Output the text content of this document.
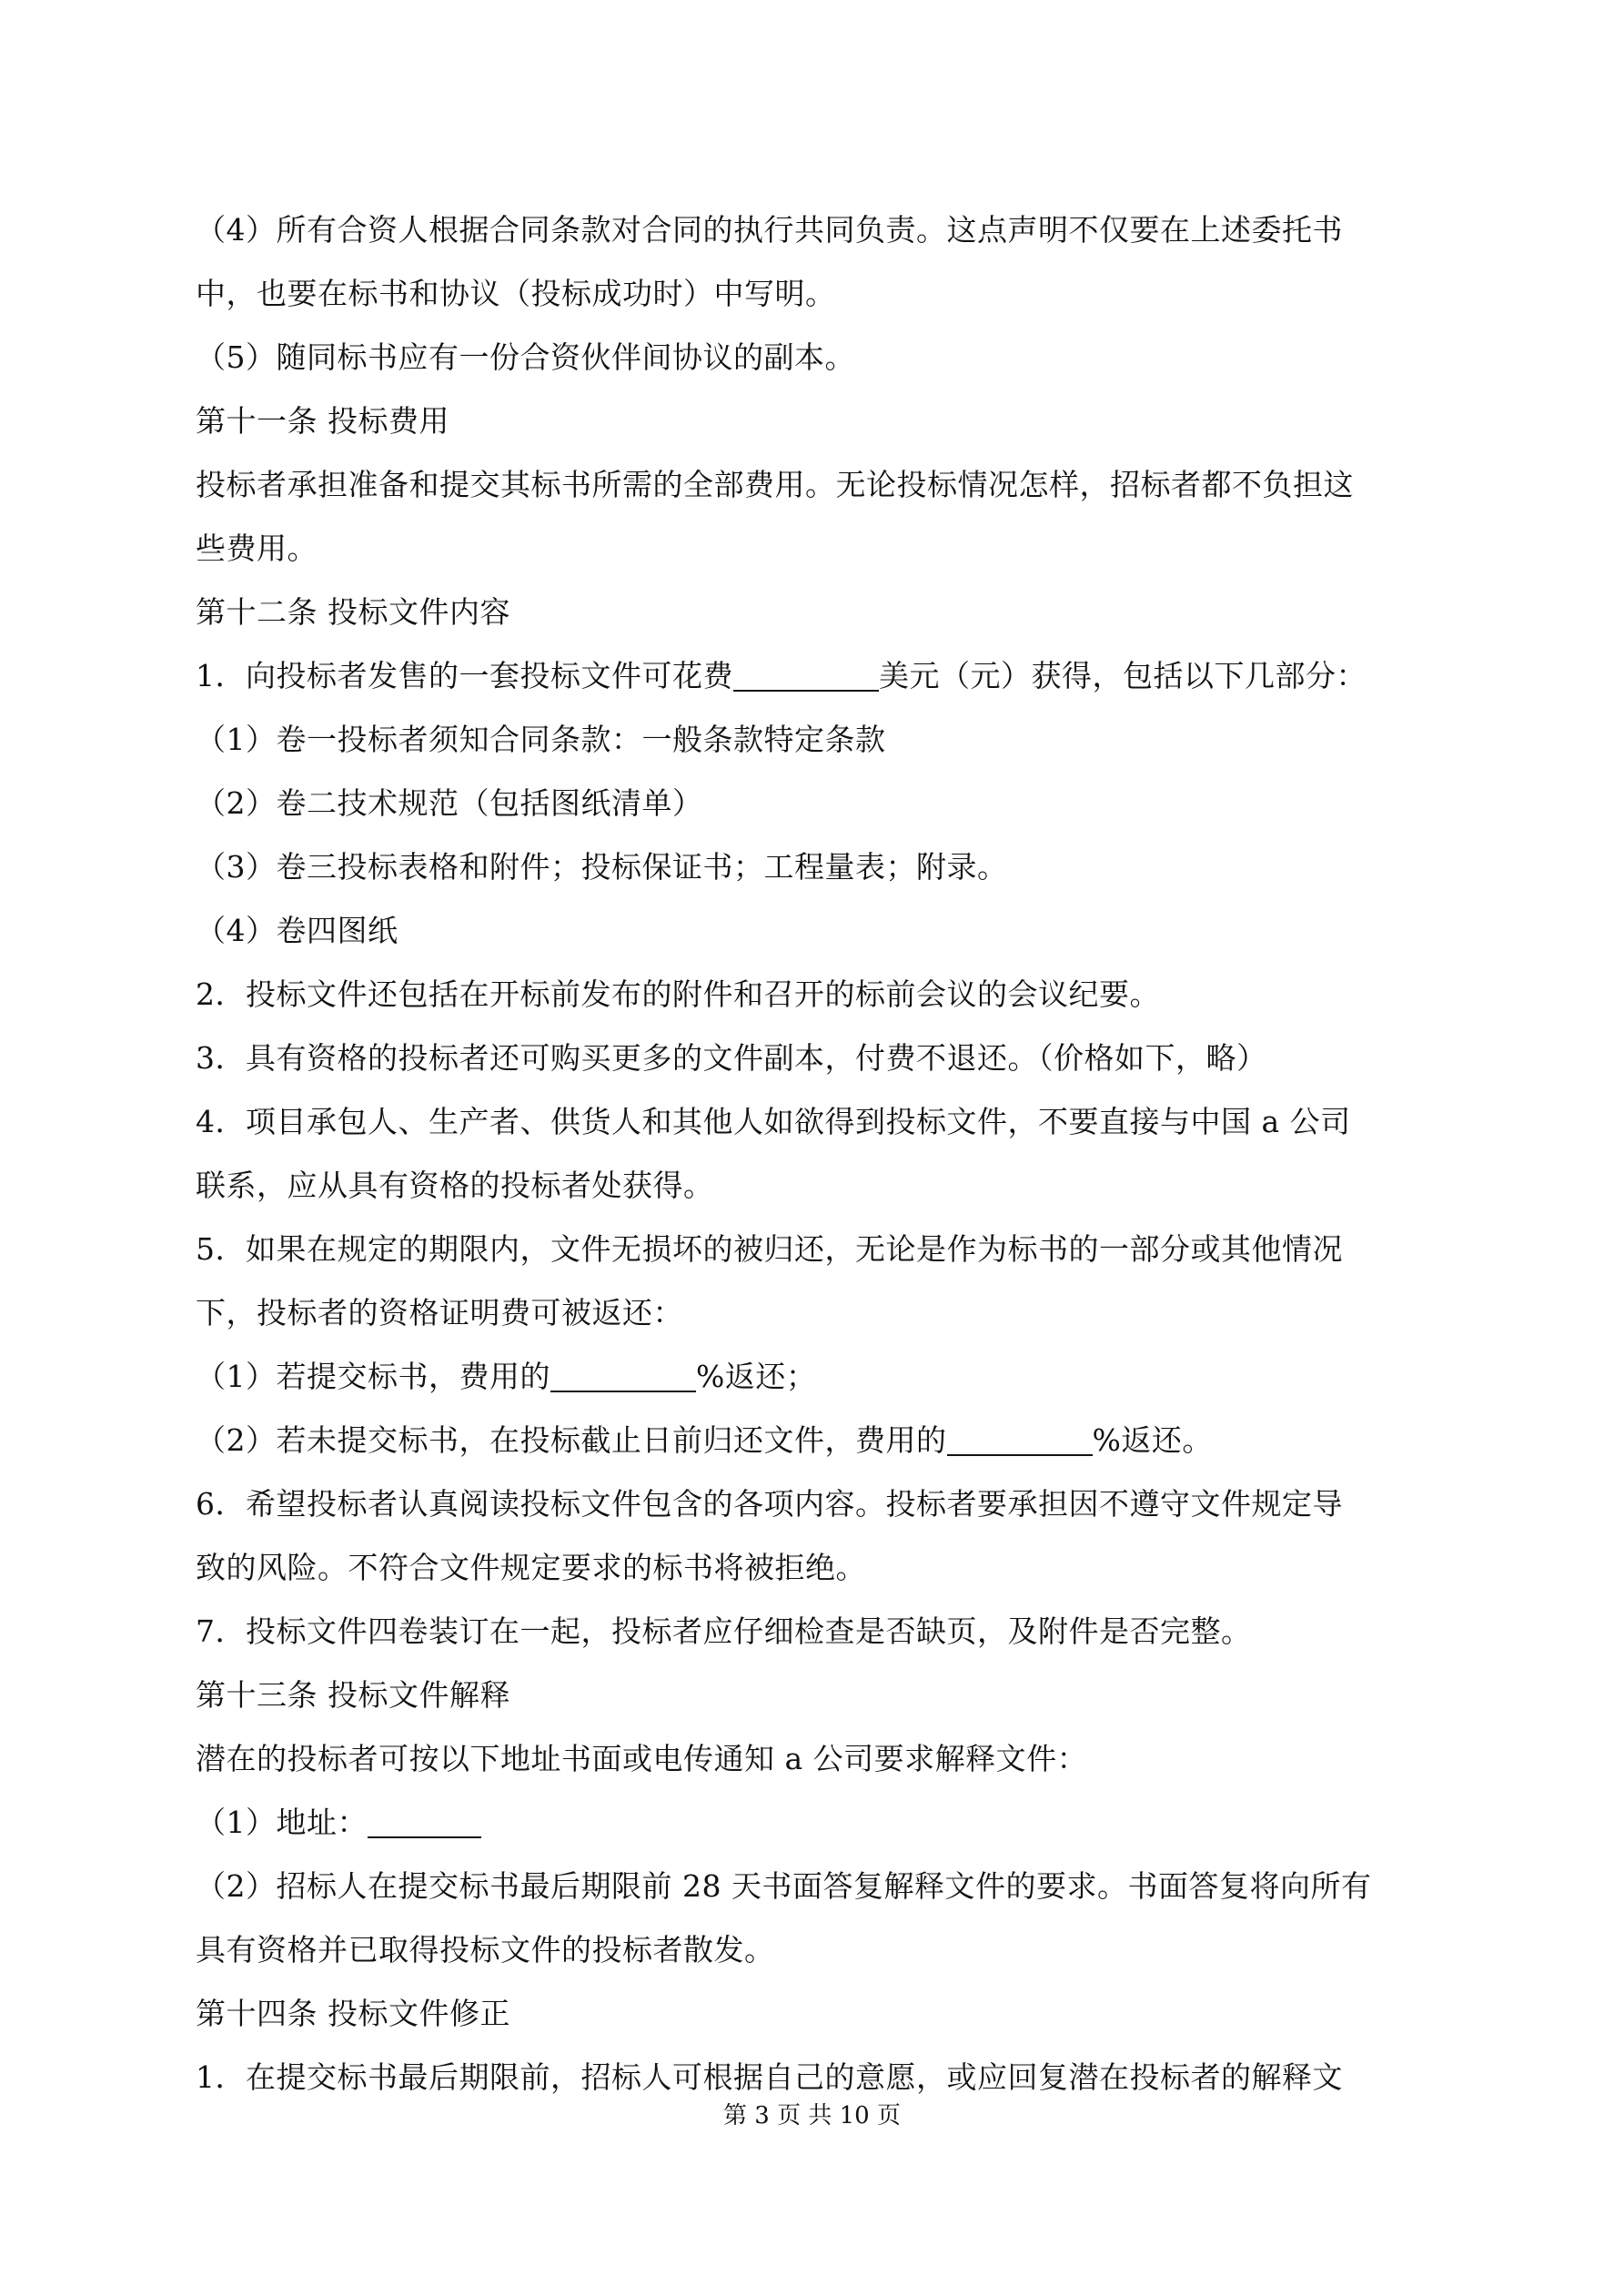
（4）所有合资人根据合同条款对合同的执行共同负责。这点声明不仅要在上述委托书
中，也要在标书和协议（投标成功时）中写明。
（5）随同标书应有一份合资伙伴间协议的副本。
第十一条 投标费用
投标者承担准备和提交其标书所需的全部费用。无论投标情况怎样，招标者都不负担这
些费用。
第十二条 投标文件内容
1．向投标者发售的一套投标文件可花费	美元（元）获得，包括以下几部分：
（1）卷一投标者须知合同条款：一般条款特定条款
（2）卷二技术规范（包括图纸清单）
（3）卷三投标表格和附件；投标保证书；工程量表；附录。
（4）卷四图纸
2．投标文件还包括在开标前发布的附件和召开的标前会议的会议纪要。
3．具有资格的投标者还可购买更多的文件副本，付费不退还。（价格如下，略）
4．项目承包人、生产者、供货人和其他人如欲得到投标文件，不要直接与中国 a 公司
联系，应从具有资格的投标者处获得。
5．如果在规定的期限内，文件无损坏的被归还，无论是作为标书的一部分或其他情况
下，投标者的资格证明费可被返还：
（1）若提交标书，费用的	%返还；
（2）若未提交标书，在投标截止日前归还文件，费用的	%返还。
6．希望投标者认真阅读投标文件包含的各项内容。投标者要承担因不遵守文件规定导
致的风险。不符合文件规定要求的标书将被拒绝。
7．投标文件四卷装订在一起，投标者应仔细检查是否缺页，及附件是否完整。
第十三条 投标文件解释
潜在的投标者可按以下地址书面或电传通知 a 公司要求解释文件：
（1）地址：
（2）招标人在提交标书最后期限前 28 天书面答复解释文件的要求。书面答复将向所有
具有资格并已取得投标文件的投标者散发。
第十四条 投标文件修正
1．在提交标书最后期限前，招标人可根据自己的意愿，或应回复潜在投标者的解释文
第 3 页 共 10 页
